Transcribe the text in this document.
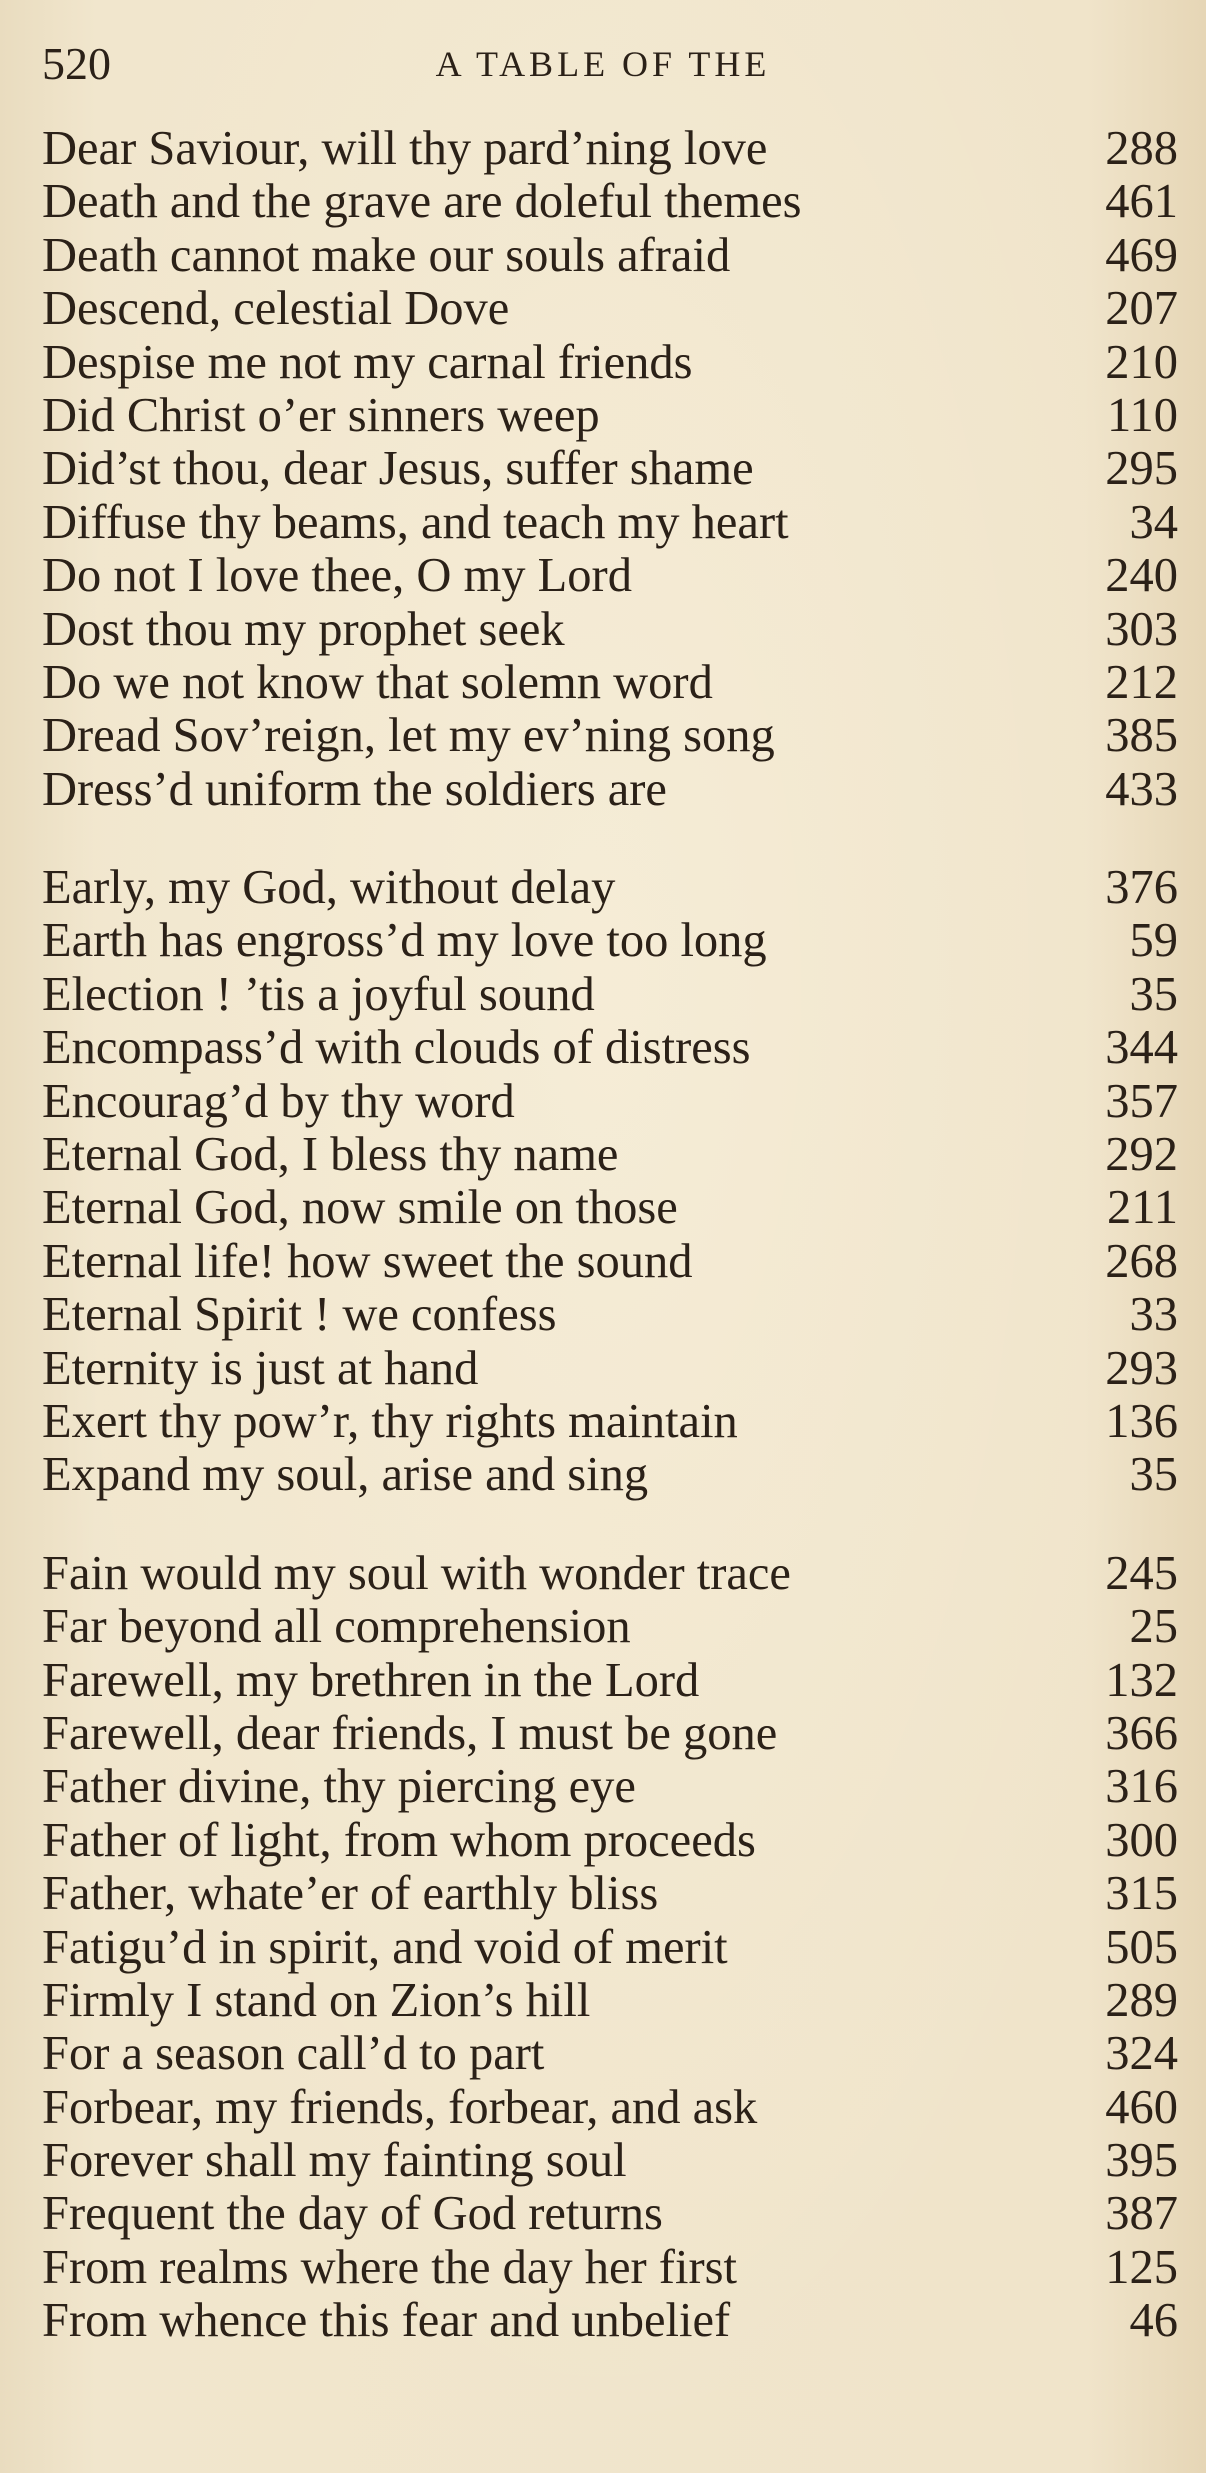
520	A TABLE OF THE
Dear Saviour, will thy pard’ning love	288
Death and the grave are doleful themes	461
Death cannot make our souls afraid	469
Descend, celestial Dove	207
Despise me not my carnal friends	210
Did Christ o’er sinners weep	110
Did’st thou, dear Jesus, suffer shame	295
Diffuse thy beams, and teach my heart	34
Do not I love thee, O my Lord	240
Dost thou my prophet seek	303
Do we not know that solemn word	212
Dread Sov’reign, let my ev’ning song	385
Dress’d uniform the soldiers are	433
Early, my God, without delay	376
Earth has engross’d my love too long	59
Election ! ’tis a joyful sound	35
Encompass’d with clouds of distress	344
Encourag’d by thy word	357
Eternal God, I bless thy name	292
Eternal God, now smile on those	211
Eternal life! how sweet the sound	268
Eternal Spirit ! we confess	33
Eternity is just at hand	293
Exert thy pow’r, thy rights maintain	136
Expand my soul, arise and sing	35
Fain would my soul with wonder trace	245
Far beyond all comprehension	25
Farewell, my brethren in the Lord	132
Farewell, dear friends, I must be gone	366
Father divine, thy piercing eye	316
Father of light, from whom proceeds	300
Father, whate’er of earthly bliss	315
Fatigu’d in spirit, and void of merit	505
Firmly I stand on Zion’s hill	289
For a season call’d to part	324
Forbear, my friends, forbear, and ask	460
Forever shall my fainting soul	395
Frequent the day of God returns	387
From realms where the day her first	125
From whence this fear and unbelief	46
